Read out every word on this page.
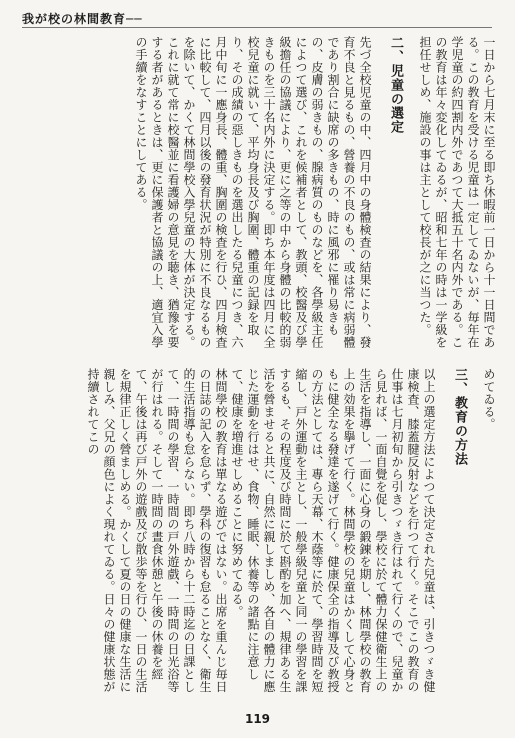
我が校の林間教育──

一日から七月末に至る即ち休暇前一日から十一日間である。この教育を受ける児童は一定してゐないが、毎年在学児童の約四割内外であつて大抵五十名内外である。この教育は年々変化してゐるが、昭和七年の時は一学級を担任せしめ、施設の事は主として校長が之に当つた。

二、児童の選定

先づ全校児童の中、四月中の身體検査の結果により、發育不良と見るもの、營養の不良のもの、或は常に病弱體であり割合に缺席の多きもの、時に風邪に罹り易きもの、皮膚の弱きもの、腺病質のものなどを、各學級主任によつて選び、これを候補者として、教頭、校醫及び學級擔任の協議により、更に之等の中から身體の比較的弱きものを三十名内外に決定する。即ち本年度は四月に全校兒童に就いて、平均身長及び胸圍、體重の記録を取り、その成績の惡しきものを選出したる兒童につき、六月中旬に一應身長、體重、胸圍の検査を行ひ、四月検査に比較して、四月以後の發育状況が特別に不良なるものを除いて、かくて林間學校入學兒童の大体が決定する。これに就て常に校醫並に看護婦の意見を聴き、猶豫を要する者があるときは、更に保護者と協議の上、適宜入學の手續をなすことにしてある。

めてゐる。

三、教育の方法

以上の選定方法によつて決定された兒童は、引きつゞき健康検査、膝蓋腱反射などを行つて行く。そこでこの教育の仕事は七月初旬から引きつゞき行はれて行くので、兒童から見れば、一面自覺を促し、學校に於て體力保健衛生上の生活を指導し、一面に心身の鍛錬を期し、林間學校の教育上の効果を擧げて行く。林間學校の兒童はかくして心身ともに健全なる發達を遂げて行く。健康保全の指導及び教授の方法としては、專ら天幕、木蔭等に於て、學習時間を短縮し、戸外運動を主とし、一般學級兒童と同一の學習を課するも、その程度及び時間に於て斟酌を加へ、規律ある生活を營ませると共に、自然に親しましめ、各自の體力に應じた運動を行はせ、食物、睡眠、休養等の諸點に注意して、健康を増進せしめることに努めてゐる。

林間學校の教育は單なる遊びではない。出席を重んじ毎日の日誌の記入を怠らず、學科の復習も怠ることなく、衛生的生活指導も怠らない。即ち八時から十二時迄の日課として、一時間の學習、一時間の戸外遊戲、一時間の日光浴等が行はれる。そして一時間の晝食休憩と午後の休養を經て、午後は再び戸外の遊戲及び散歩等を行ひ、一日の生活を規律正しく營ましめる。かくして夏の日の健康な生活に親しみ、父兄の顔色によく現れてゐる。日々の健康状態が持續されてこの

119
